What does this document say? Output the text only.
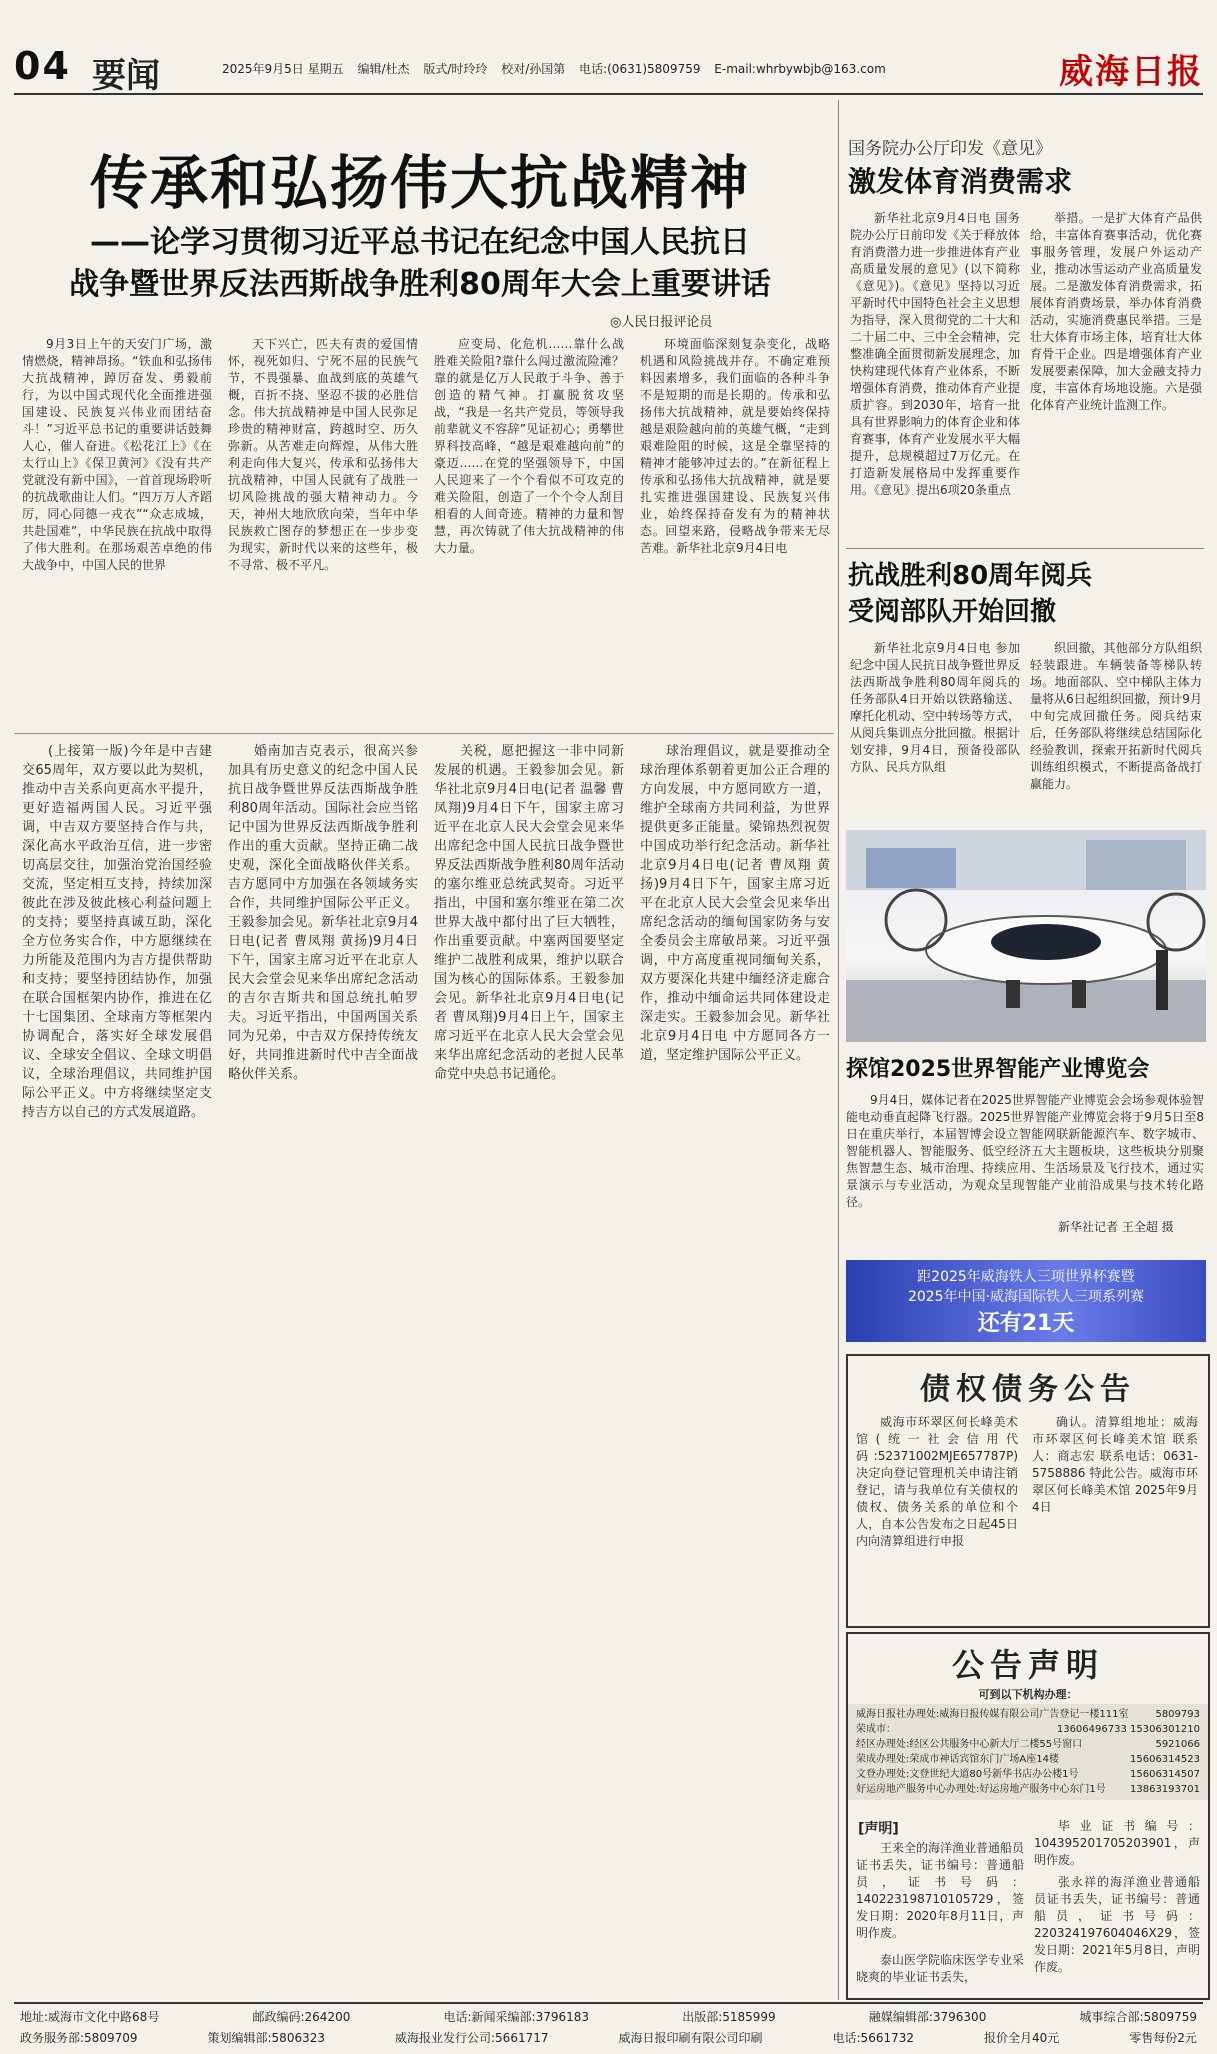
04 要闻	2025年9月5日 星期五 编辑/杜杰 版式/时玲玲 校对/孙国第 电话:(0631)5809759 E-mail:whrbywbjb@163.com	威海日报
传承和弘扬伟大抗战精神
——论学习贯彻习近平总书记在纪念中国人民抗日
战争暨世界反法西斯战争胜利80周年大会上重要讲话
◎人民日报评论员

9月3日上午的天安门广场，激情燃烧，精神昂扬。“铁血和弘扬伟大抗战精神，踔厉奋发、勇毅前行，为以中国式现代化全面推进强国建设、民族复兴伟业而团结奋斗！”习近平总书记的重要讲话鼓舞人心，催人奋进。《松花江上》《在太行山上》《保卫黄河》《没有共产党就没有新中国》，一首首现场聆听的抗战歌曲让人们。“四万万人齐蹈厉，同心同德一戎衣”“众志成城，共赴国难”，中华民族在抗战中取得了伟大胜利。在那场艰苦卓绝的伟大战争中，中国人民的世界

天下兴亡，匹夫有责的爱国情怀，视死如归、宁死不屈的民族气节，不畏强暴、血战到底的英雄气概，百折不挠、坚忍不拔的必胜信念。伟大抗战精神是中国人民弥足珍贵的精神财富，跨越时空、历久弥新。从苦难走向辉煌，从伟大胜利走向伟大复兴，传承和弘扬伟大抗战精神，中国人民就有了战胜一切风险挑战的强大精神动力。今天，神州大地欣欣向荣，当年中华民族救亡图存的梦想正在一步步变为现实，新时代以来的这些年，极不寻常、极不平凡。

应变局、化危机……靠什么战胜难关险阻?靠什么闯过激流险滩？靠的就是亿万人民敢于斗争、善于创造的精气神。打赢脱贫攻坚战，“我是一名共产党员，等领导我前辈就义不容辞”见证初心；勇攀世界科技高峰，“越是艰难越向前”的豪迈……在党的坚强领导下，中国人民迎来了一个个看似不可攻克的难关险阻，创造了一个个令人刮目相看的人间奇迹。精神的力量和智慧，再次铸就了伟大抗战精神的伟大力量。

环境面临深刻复杂变化，战略机遇和风险挑战并存。不确定难预料因素增多，我们面临的各种斗争不是短期的而是长期的。传承和弘扬伟大抗战精神，就是要始终保持越是艰险越向前的英雄气概，“走到艰难险阻的时候，这是全靠坚持的精神才能够冲过去的。”在新征程上传承和弘扬伟大抗战精神，就是要扎实推进强国建设、民族复兴伟业，始终保持奋发有为的精神状态。回望来路，侵略战争带来无尽苦难。新华社北京9月4日电

国务院办公厅印发《意见》
激发体育消费需求

新华社北京9月4日电 国务院办公厅日前印发《关于释放体育消费潜力进一步推进体育产业高质量发展的意见》(以下简称《意见》)。《意见》坚持以习近平新时代中国特色社会主义思想为指导，深入贯彻党的二十大和二十届二中、三中全会精神，完整准确全面贯彻新发展理念，加快构建现代体育产业体系，不断增强体育消费，推动体育产业提质扩容。到2030年，培育一批具有世界影响力的体育企业和体育赛事，体育产业发展水平大幅提升，总规模超过7万亿元。在打造新发展格局中发挥重要作用。《意见》提出6项20条重点

举措。一是扩大体育产品供给，丰富体育赛事活动，优化赛事服务管理，发展户外运动产业，推动冰雪运动产业高质量发展。二是激发体育消费需求，拓展体育消费场景，举办体育消费活动，实施消费惠民举措。三是壮大体育市场主体，培育壮大体育骨干企业。四是增强体育产业发展要素保障，加大金融支持力度，丰富体育场地设施。六是强化体育产业统计监测工作。

抗战胜利80周年阅兵
受阅部队开始回撤

新华社北京9月4日电 参加纪念中国人民抗日战争暨世界反法西斯战争胜利80周年阅兵的任务部队4日开始以铁路输送、摩托化机动、空中转场等方式，从阅兵集训点分批回撤。根据计划安排，9月4日，预备役部队方队、民兵方队组

织回撤，其他部分方队组织轻装跟进。车辆装备等梯队转场。地面部队、空中梯队主体力量将从6日起组织回撤，预计9月中旬完成回撤任务。阅兵结束后，任务部队将继续总结国际化经验教训，探索开拓新时代阅兵训练组织模式，不断提高备战打赢能力。

探馆2025世界智能产业博览会

9月4日，媒体记者在2025世界智能产业博览会会场参观体验智能电动垂直起降飞行器。2025世界智能产业博览会将于9月5日至8日在重庆举行，本届智博会设立智能网联新能源汽车、数字城市、智能机器人、智能服务、低空经济五大主题板块，这些板块分别聚焦智慧生态、城市治理、持续应用、生活场景及飞行技术，通过实景演示与专业活动，为观众呈现智能产业前沿成果与技术转化路径。

新华社记者 王全超 摄
距2025年威海铁人三项世界杯赛暨
2025年中国·威海国际铁人三项系列赛
还有21天
债权债务公告

威海市环翠区何长峰美术馆(统一社会信用代码:52371002MJE657787P)决定向登记管理机关申请注销登记，请与我单位有关债权的债权、债务关系的单位和个人，自本公告发布之日起45日内向清算组进行申报

确认。清算组地址：威海市环翠区何长峰美术馆 联系人：商志宏 联系电话：0631-5758886 特此公告。威海市环翠区何长峰美术馆 2025年9月4日

公告声明
可到以下机构办理：
威海日报社办理处:威海日报传媒有限公司广告登记一楼111室	5809793
荣成市：	13606496733 15306301210
经区办理处:经区公共服务中心新大厅二楼55号窗口	5921066
荣成办理处:荣成市神话宾馆东门广场A座14楼	15606314523
文登办理处:文登世纪大道80号新华书店办公楼1号	15606314507
好运房地产服务中心办理处:好运房地产服务中心东门1号 13863193701
[声明]

王来全的海洋渔业普通船员证书丢失，证书编号：普通船员，证书号码：140223198710105729，签发日期：2020年8月11日，声明作废。

泰山医学院临床医学专业采晓爽的毕业证书丢失，

毕业证书编号：104395201705203901，声明作废。

张永祥的海洋渔业普通船员证书丢失，证书编号：普通船员，证书号码：220324197604046X29，签发日期：2021年5月8日，声明作废。

(上接第一版)今年是中吉建交65周年，双方要以此为契机，推动中吉关系向更高水平提升，更好造福两国人民。习近平强调，中吉双方要坚持合作与共，深化高水平政治互信，进一步密切高层交往，加强治党治国经验交流，坚定相互支持，持续加深彼此在涉及彼此核心利益问题上的支持；要坚持真诚互助，深化全方位务实合作，中方愿继续在力所能及范围内为吉方提供帮助和支持；要坚持团结协作，加强在联合国框架内协作，推进在亿十七国集团、全球南方等框架内协调配合，落实好全球发展倡议、全球安全倡议、全球文明倡议，全球治理倡议，共同维护国际公平正义。中方将继续坚定支持吉方以自己的方式发展道路。

婚南加吉克表示，很高兴参加具有历史意义的纪念中国人民抗日战争暨世界反法西斯战争胜利80周年活动。国际社会应当铭记中国为世界反法西斯战争胜利作出的重大贡献。坚持正确二战史观，深化全面战略伙伴关系。吉方愿同中方加强在各领域务实合作，共同维护国际公平正义。王毅参加会见。新华社北京9月4日电(记者 曹凤翔 黄扬)9月4日下午，国家主席习近平在北京人民大会堂会见来华出席纪念活动的吉尔吉斯共和国总统扎帕罗夫。习近平指出，中国两国关系同为兄弟，中吉双方保持传统友好，共同推进新时代中吉全面战略伙伴关系。

关税，愿把握这一非中同新发展的机遇。王毅参加会见。新华社北京9月4日电(记者 温馨 曹凤翔)9月4日下午，国家主席习近平在北京人民大会堂会见来华出席纪念中国人民抗日战争暨世界反法西斯战争胜利80周年活动的塞尔维亚总统武契奇。习近平指出，中国和塞尔维亚在第二次世界大战中都付出了巨大牺牲，作出重要贡献。中塞两国要坚定维护二战胜利成果，维护以联合国为核心的国际体系。王毅参加会见。新华社北京9月4日电(记者 曹凤翔)9月4日上午，国家主席习近平在北京人民大会堂会见来华出席纪念活动的老挝人民革命党中央总书记通伦。

球治理倡议，就是要推动全球治理体系朝着更加公正合理的方向发展，中方愿同欧方一道，维护全球南方共同利益，为世界提供更多正能量。梁锦热烈祝贺中国成功举行纪念活动。新华社北京9月4日电(记者 曹凤翔 黄扬)9月4日下午，国家主席习近平在北京人民大会堂会见来华出席纪念活动的缅甸国家防务与安全委员会主席敏昂莱。习近平强调，中方高度重视同缅甸关系，双方要深化共建中缅经济走廊合作，推动中缅命运共同体建设走深走实。王毅参加会见。新华社北京9月4日电 中方愿同各方一道，坚定维护国际公平正义。

地址:威海市文化中路68号	邮政编码:264200	电话:新闻采编部:3796183	出版部:5185999	融媒编辑部:3796300	城事综合部:5809759
政务服务部:5809709	策划编辑部:5806323	威海报业发行公司:5661717	威海日报印刷有限公司印刷	电话:5661732	报价全月40元	零售每份2元
